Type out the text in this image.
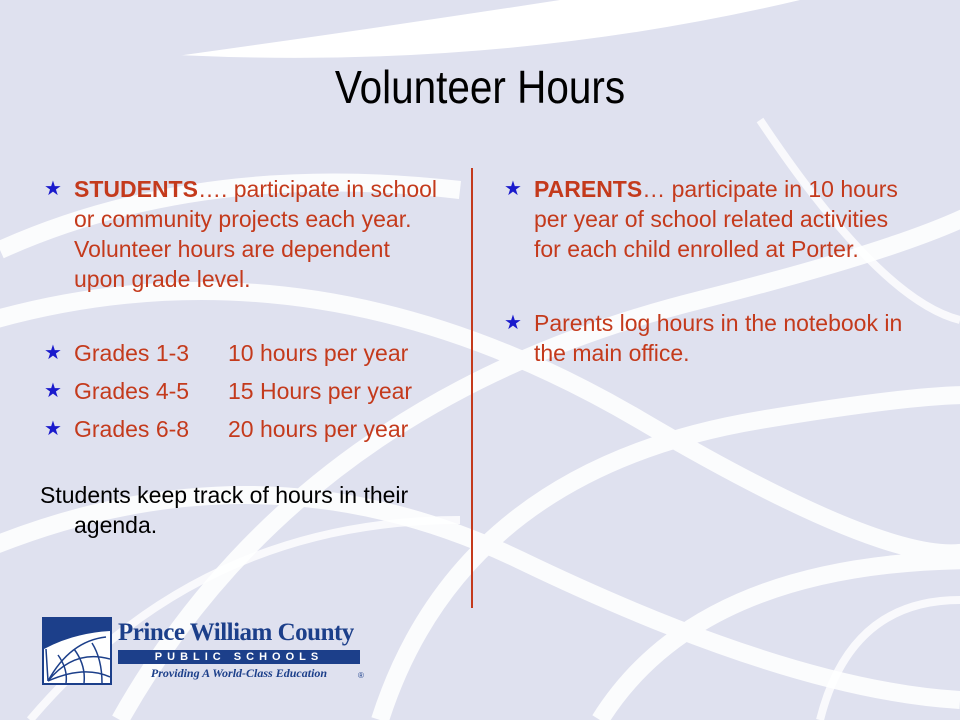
Volunteer Hours
★ STUDENTS…. participate in school or community projects each year. Volunteer hours are dependent upon grade level.
★ Grades 1-3 10 hours per year
★ Grades 4-5 15 Hours per year
★ Grades 6-8 20 hours per year
Students keep track of hours in their
agenda.
★ PARENTS… participate in 10 hours per year of school related activities for each child enrolled at Porter.
★ Parents log hours in the notebook in the main office.
Prince William County
PUBLIC SCHOOLS
Providing A World-Class Education	®
